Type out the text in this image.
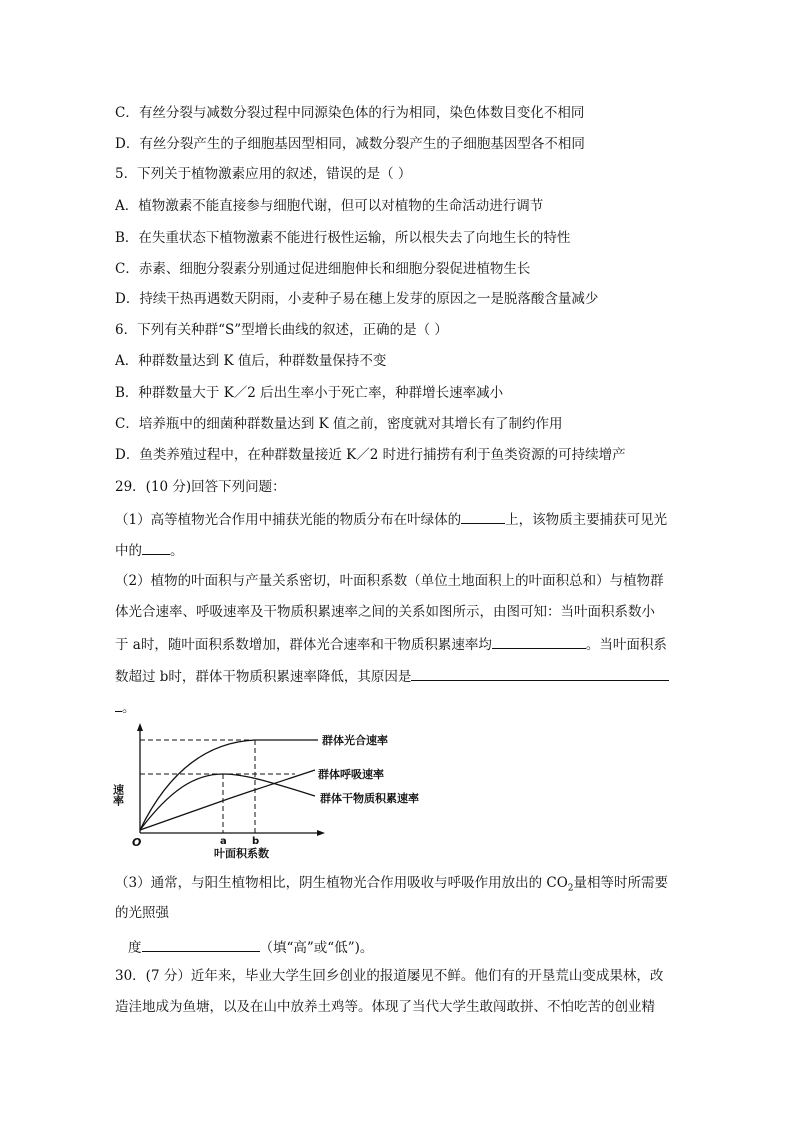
C．有丝分裂与减数分裂过程中同源染色体的行为相同，染色体数目变化不相同
D．有丝分裂产生的子细胞基因型相同，减数分裂产生的子细胞基因型各不相同
5．下列关于植物激素应用的叙述，错误的是（ ）
A．植物激素不能直接参与细胞代谢，但可以对植物的生命活动进行调节
B．在失重状态下植物激素不能进行极性运输，所以根失去了向地生长的特性
C．赤素、细胞分裂素分别通过促进细胞伸长和细胞分裂促进植物生长
D．持续干热再遇数天阴雨，小麦种子易在穗上发芽的原因之一是脱落酸含量减少
6．下列有关种群“S”型增长曲线的叙述，正确的是（ ）
A．种群数量达到 K 值后，种群数量保持不变
B．种群数量大于 K／2 后出生率小于死亡率，种群增长速率减小
C．培养瓶中的细菌种群数量达到 K 值之前，密度就对其增长有了制约作用
D．鱼类养殖过程中，在种群数量接近 K／2 时进行捕捞有利于鱼类资源的可持续增产
29．(10 分)回答下列问题：
（1）高等植物光合作用中捕获光能的物质分布在叶绿体的	上，该物质主要捕获可见光
中的 。
（2）植物的叶面积与产量关系密切，叶面积系数（单位土地面积上的叶面积总和）与植物群
体光合速率、呼吸速率及干物质积累速率之间的关系如图所示，由图可知：当叶面积系数小
于 a时，随叶面积系数增加，群体光合速率和干物质积累速率均	。当叶面积系
数超过 b时，群体干物质积累速率降低，其原因是
。
速率
O	a	b
叶面积系数
群体光合速率
群体呼吸速率
群体干物质积累速率
（3）通常，与阳生植物相比，阴生植物光合作用吸收与呼吸作用放出的 $CO_2$量相等时所需要
的光照强
度	（填“高”或“低”)。
30．(7 分）近年来，毕业大学生回乡创业的报道屡见不鲜。他们有的开垦荒山变成果林，改
造洼地成为鱼塘，以及在山中放养土鸡等。体现了当代大学生敢闯敢拼、不怕吃苦的创业精
